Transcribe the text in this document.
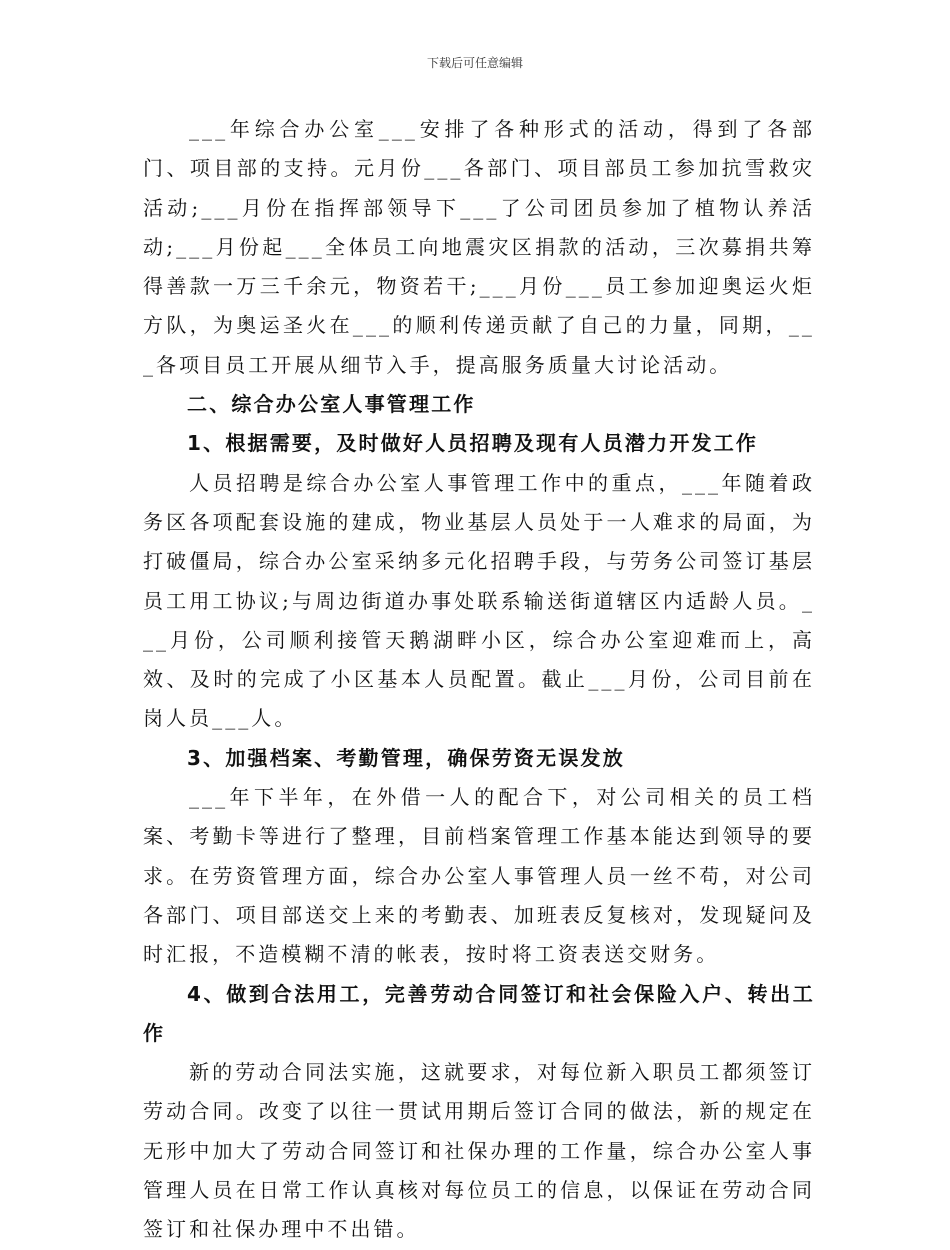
下载后可任意编辑

___年综合办公室___安排了各种形式的活动，得到了各部门、项目部的支持。元月份___各部门、项目部员工参加抗雪救灾活动;___月份在指挥部领导下___了公司团员参加了植物认养活动;___月份起___全体员工向地震灾区捐款的活动，三次募捐共筹得善款一万三千余元，物资若干;___月份___员工参加迎奥运火炬方队，为奥运圣火在___的顺利传递贡献了自己的力量，同期，___各项目员工开展从细节入手，提高服务质量大讨论活动。

二、综合办公室人事管理工作
1、根据需要，及时做好人员招聘及现有人员潜力开发工作

人员招聘是综合办公室人事管理工作中的重点，___年随着政务区各项配套设施的建成，物业基层人员处于一人难求的局面，为打破僵局，综合办公室采纳多元化招聘手段，与劳务公司签订基层员工用工协议;与周边街道办事处联系输送街道辖区内适龄人员。___月份，公司顺利接管天鹅湖畔小区，综合办公室迎难而上，高效、及时的完成了小区基本人员配置。截止___月份，公司目前在岗人员___人。

3、加强档案、考勤管理，确保劳资无误发放

___年下半年，在外借一人的配合下，对公司相关的员工档案、考勤卡等进行了整理，目前档案管理工作基本能达到领导的要求。在劳资管理方面，综合办公室人事管理人员一丝不苟，对公司各部门、项目部送交上来的考勤表、加班表反复核对，发现疑问及时汇报，不造模糊不清的帐表，按时将工资表送交财务。

4、做到合法用工，完善劳动合同签订和社会保险入户、转出工作

新的劳动合同法实施，这就要求，对每位新入职员工都须签订劳动合同。改变了以往一贯试用期后签订合同的做法，新的规定在无形中加大了劳动合同签订和社保办理的工作量，综合办公室人事管理人员在日常工作认真核对每位员工的信息，以保证在劳动合同签订和社保办理中不出错。
